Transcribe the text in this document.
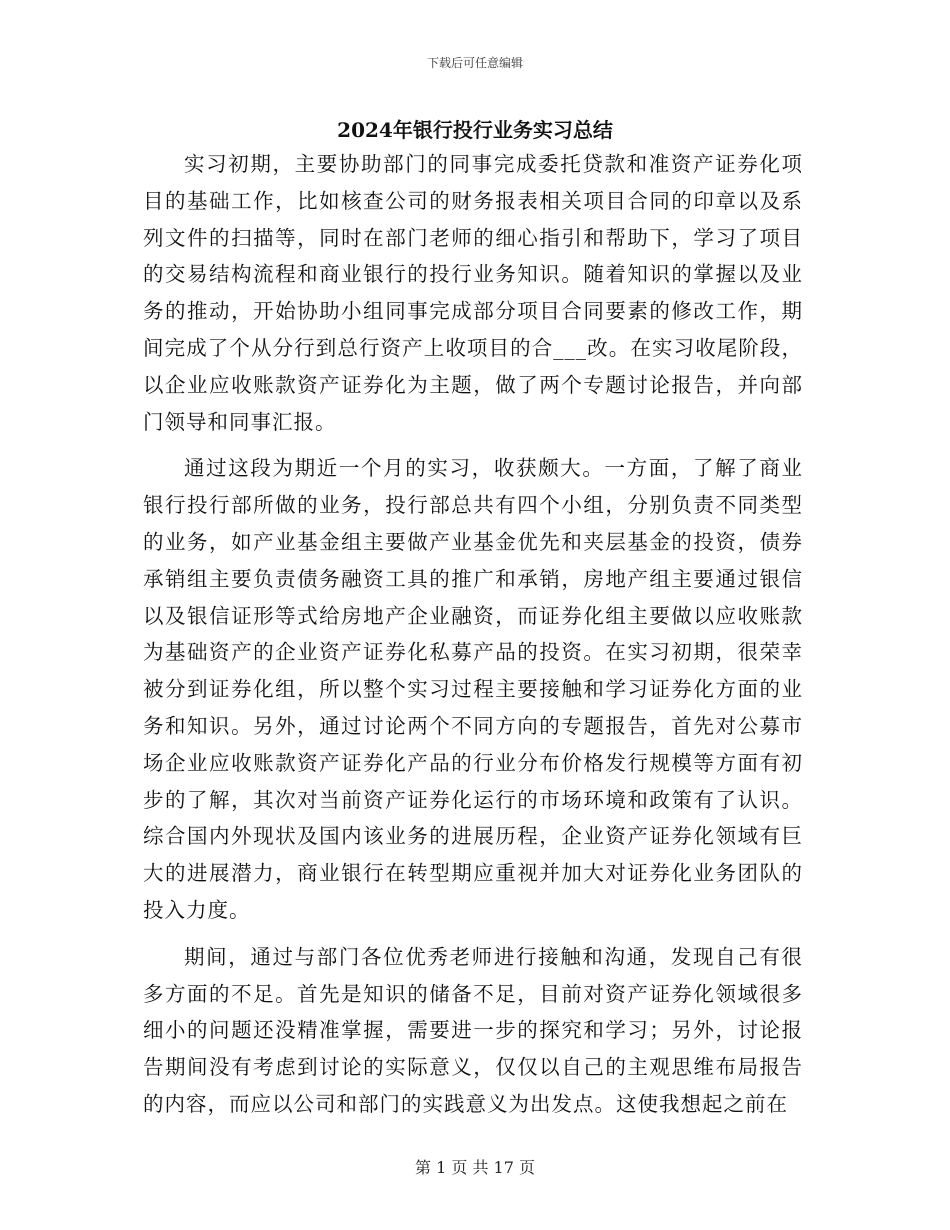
下载后可任意编辑
2024年银行投行业务实习总结

实习初期，主要协助部门的同事完成委托贷款和准资产证券化项目的基础工作，比如核查公司的财务报表相关项目合同的印章以及系列文件的扫描等，同时在部门老师的细心指引和帮助下，学习了项目的交易结构流程和商业银行的投行业务知识。随着知识的掌握以及业务的推动，开始协助小组同事完成部分项目合同要素的修改工作，期间完成了个从分行到总行资产上收项目的合___改。在实习收尾阶段，以企业应收账款资产证券化为主题，做了两个专题讨论报告，并向部门领导和同事汇报。

通过这段为期近一个月的实习，收获颇大。一方面，了解了商业银行投行部所做的业务，投行部总共有四个小组，分别负责不同类型的业务，如产业基金组主要做产业基金优先和夹层基金的投资，债券承销组主要负责债务融资工具的推广和承销，房地产组主要通过银信以及银信证形等式给房地产企业融资，而证券化组主要做以应收账款为基础资产的企业资产证券化私募产品的投资。在实习初期，很荣幸被分到证券化组，所以整个实习过程主要接触和学习证券化方面的业务和知识。另外，通过讨论两个不同方向的专题报告，首先对公募市场企业应收账款资产证券化产品的行业分布价格发行规模等方面有初步的了解，其次对当前资产证券化运行的市场环境和政策有了认识。综合国内外现状及国内该业务的进展历程，企业资产证券化领域有巨大的进展潜力，商业银行在转型期应重视并加大对证券化业务团队的投入力度。

期间，通过与部门各位优秀老师进行接触和沟通，发现自己有很多方面的不足。首先是知识的储备不足，目前对资产证券化领域很多细小的问题还没精准掌握，需要进一步的探究和学习；另外，讨论报告期间没有考虑到讨论的实际意义，仅仅以自己的主观思维布局报告的内容，而应以公司和部门的实践意义为出发点。这使我想起之前在

第 1 页 共 17 页
